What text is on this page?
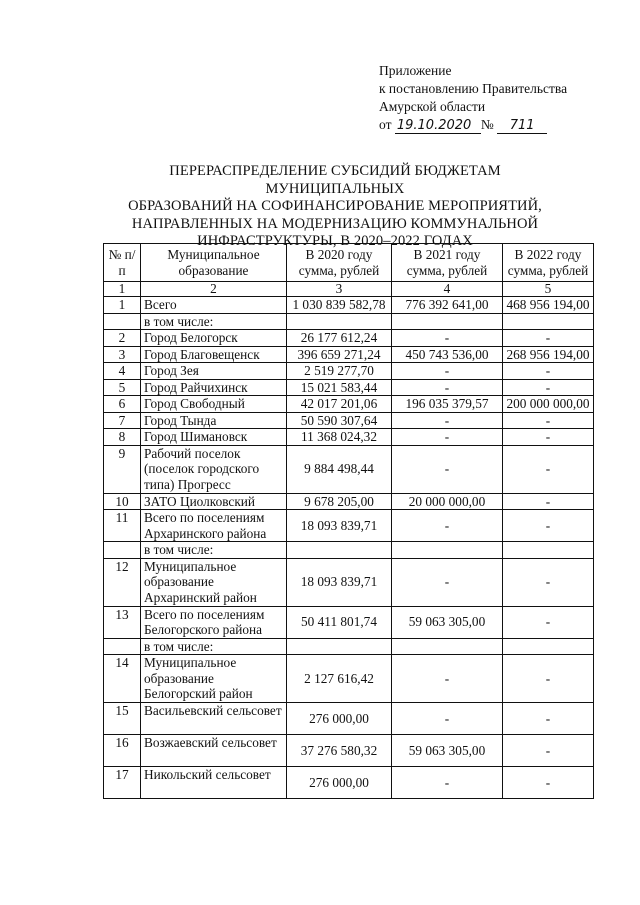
Приложение
к постановлению Правительства
Амурской области
от 19.10.2020 № 711
ПЕРЕРАСПРЕДЕЛЕНИЕ СУБСИДИЙ БЮДЖЕТАМ МУНИЦИПАЛЬНЫХ
ОБРАЗОВАНИЙ НА СОФИНАНСИРОВАНИЕ МЕРОПРИЯТИЙ,
НАПРАВЛЕННЫХ НА МОДЕРНИЗАЦИЮ КОММУНАЛЬНОЙ
ИНФРАСТРУКТУРЫ, В 2020–2022 ГОДАХ
№ п/п	Муниципальное образование	В 2020 году сумма, рублей	В 2021 году сумма, рублей	В 2022 году сумма, рублей
1	2	3	4	5
1	Всего	1 030 839 582,78	776 392 641,00	468 956 194,00
	в том числе:			
2	Город Белогорск	26 177 612,24	-	-
3	Город Благовещенск	396 659 271,24	450 743 536,00	268 956 194,00
4	Город Зея	2 519 277,70	-	-
5	Город Райчихинск	15 021 583,44	-	-
6	Город Свободный	42 017 201,06	196 035 379,57	200 000 000,00
7	Город Тында	50 590 307,64	-	-
8	Город Шимановск	11 368 024,32	-	-
9	Рабочий поселок (поселок городского типа) Прогресс	9 884 498,44	-	-
10	ЗАТО Циолковский	9 678 205,00	20 000 000,00	-
11	Всего по поселениям Архаринского района	18 093 839,71	-	-
	в том числе:			
12	Муниципальное образование Архаринский район	18 093 839,71	-	-
13	Всего по поселениям Белогорского района	50 411 801,74	59 063 305,00	-
	в том числе:			
14	Муниципальное образование Белогорский район	2 127 616,42	-	-
15	Васильевский сельсовет	276 000,00	-	-
16	Возжаевский сельсовет	37 276 580,32	59 063 305,00	-
17	Никольский сельсовет	276 000,00	-	-
